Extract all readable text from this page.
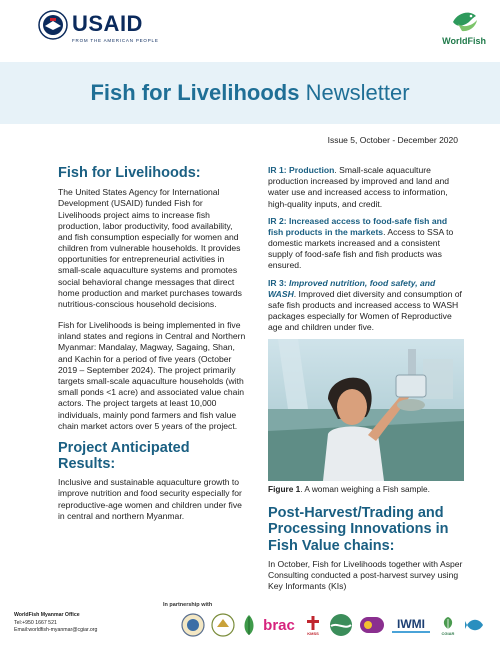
USAID
FROM THE AMERICAN PEOPLE	WorldFish
Fish for Livelihoods Newsletter
Issue 5, October - December 2020
Fish for Livelihoods:

The United States Agency for International Development (USAID) funded Fish for Livelihoods project aims to increase fish production, labor productivity, food availability, and fish consumption especially for women and children from vulnerable households. It provides opportunities for entrepreneurial activities in small-scale aquaculture systems and promotes social behavioral change messages that direct home production and market purchases towards nutritious-conscious household decisions.

Fish for Livelihoods is being implemented in five inland states and regions in Central and Northern Myanmar: Mandalay, Magway, Sagaing, Shan, and Kachin for a period of five years (October 2019 – September 2024). The project primarily targets small-scale aquaculture households (with small ponds <1 acre) and associated value chain actors. The project targets at least 10,000 individuals, mainly pond farmers and fish value chain market actors over 5 years of the project.

Project Anticipated Results:

Inclusive and sustainable aquaculture growth to improve nutrition and food security especially for reproductive-age women and children under five in central and northern Myanmar.

IR 1: Production. Small-scale aquaculture production increased by improved and land and water use and increased access to information, high-quality inputs, and credit.

IR 2: Increased access to food-safe fish and fish products in the markets. Access to SSA to domestic markets increased and a consistent supply of food-safe fish and fish products was ensured.

IR 3: Improved nutrition, food safety, and WASH. Improved diet diversity and consumption of safe fish products and increased access to WASH packages especially for Women of Reproductive age and children under five.

Figure 1. A woman weighing a Fish sample.

Post-Harvest/Trading and Processing Innovations in Fish Value chains:

In October, Fish for Livelihoods together with Asper Consulting conducted a post-harvest survey using Key Informants (KIs)

WorldFish Myanmar Office
Tel:+950 1667 521
Email:worldfish-myanmar@cgiar.org
In partnership with
brac	KMSS
IWMI
CGIAR
